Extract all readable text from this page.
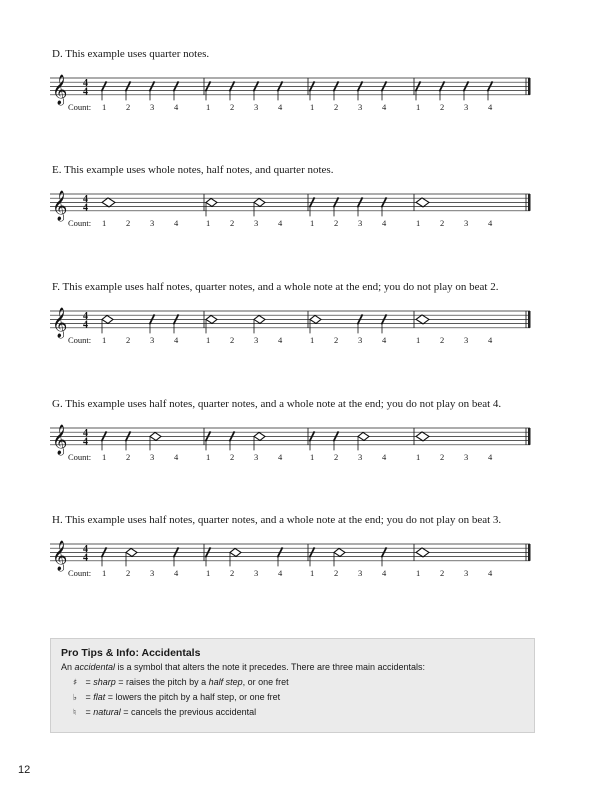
D. This example uses quarter notes.
𝄞 4
4
Count: 1 2 3 4	1 2 3 4	1 2 3 4	1 2 3 4
E. This example uses whole notes, half notes, and quarter notes.
𝄞 4
4
Count: 1 2 3 4	1 2 3 4	1 2 3 4	1 2 3 4
F. This example uses half notes, quarter notes, and a whole note at the end; you do not play on beat 2.
𝄞 4
4
Count: 1 2 3 4	1 2 3 4	1 2 3 4	1 2 3 4
G. This example uses half notes, quarter notes, and a whole note at the end; you do not play on beat 4.
𝄞 4
4
Count: 1 2 3 4	1 2 3 4	1 2 3 4	1 2 3 4
H. This example uses half notes, quarter notes, and a whole note at the end; you do not play on beat 3.
𝄞 4
4
Count: 1 2 3 4	1 2 3 4	1 2 3 4	1 2 3 4
Pro Tips & Info: Accidentals
An accidental is a symbol that alters the note it precedes. There are three main accidentals:
♯ = sharp = raises the pitch by a half step, or one fret
♭ = flat = lowers the pitch by a half step, or one fret
♮ = natural = cancels the previous accidental
12
